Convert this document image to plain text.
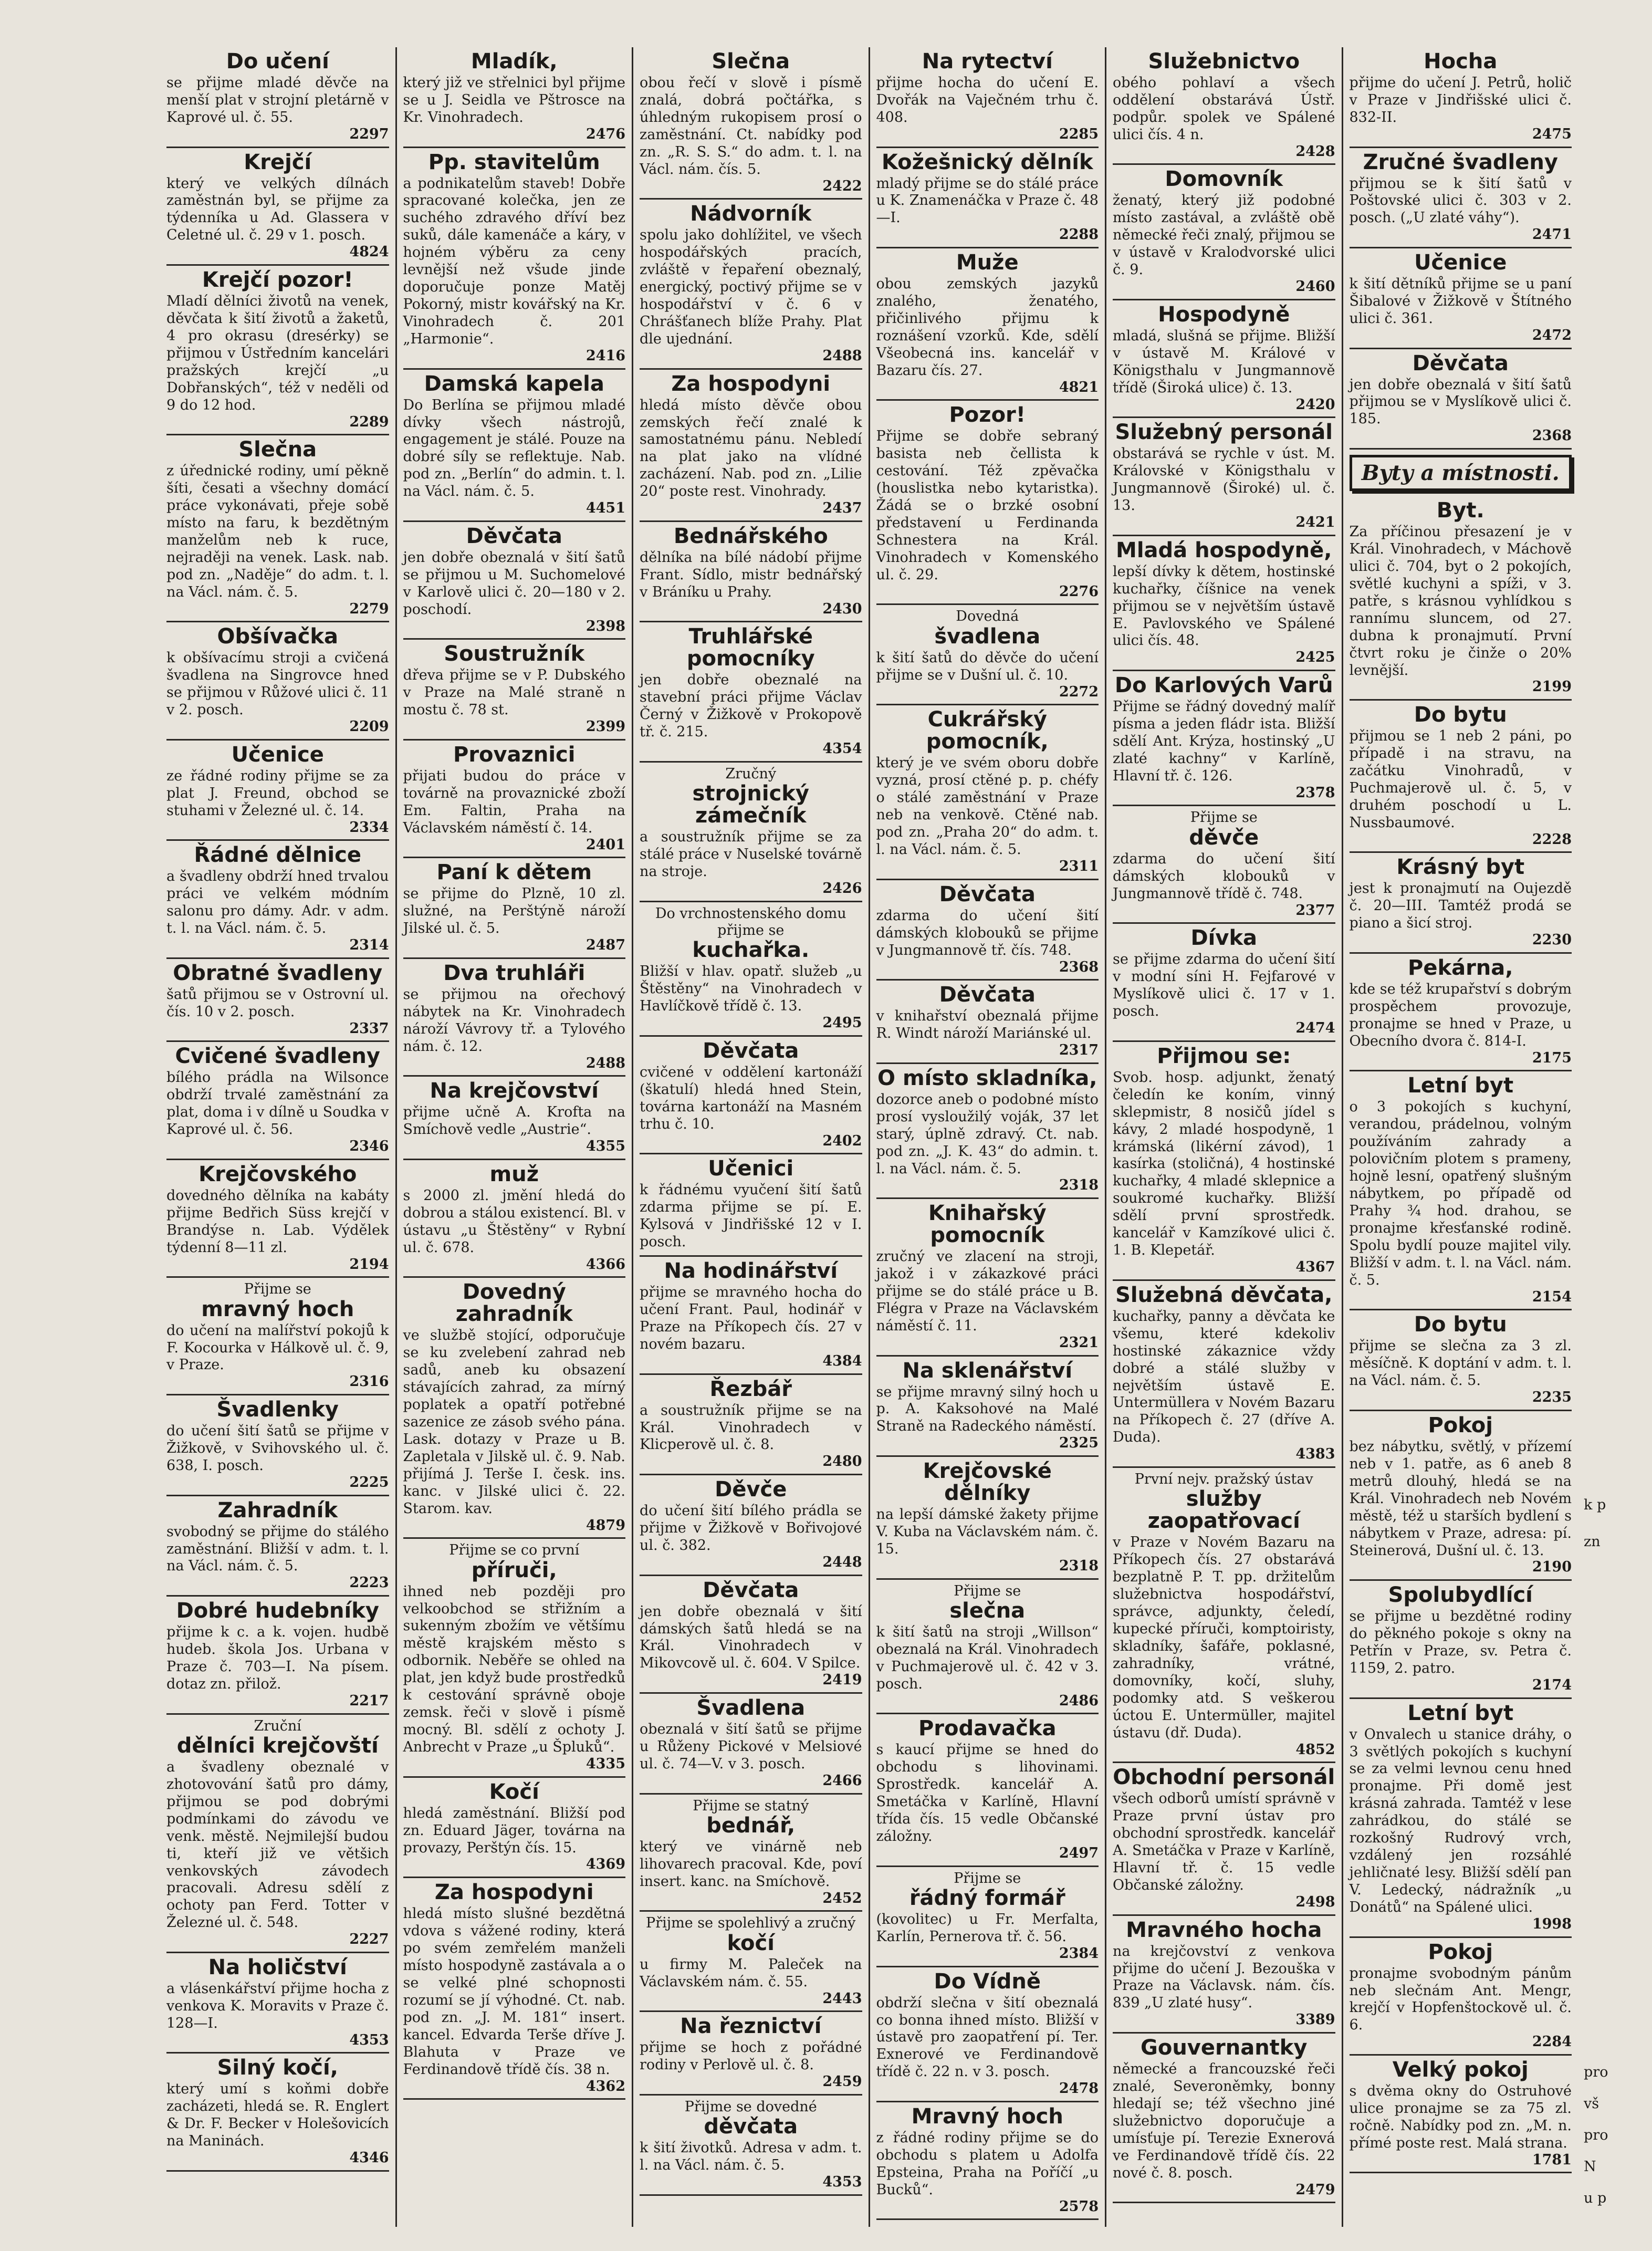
Do učení
se přijme mladé děvče na menší plat v strojní pletárně v Kaprové ul. č. 55.
2297
Krejčí
který ve velkých dílnách zaměstnán byl, se přijme za týdenníka u Ad. Glassera v Celetné ul. č. 29 v 1. posch.
4824
Krejčí pozor!
Mladí dělníci životů na venek, děvčata k šití životů a žaketů, 4 pro okrasu (dresérky) se přijmou v Ústředním kancelári pražských krejčí „u Dobřanských“, též v neděli od 9 do 12 hod.
2289
Slečna
z úřednické rodiny, umí pěkně šíti, česati a všechny domácí práce vykonávati, přeje sobě místo na faru, k bezdětným manželům neb k ruce, nejraději na venek. Lask. nab. pod zn. „Naděje“ do adm. t. l. na Václ. nám. č. 5.
2279
Obšívačka
k obšívacímu stroji a cvičená švadlena na Singrovce hned se přijmou v Růžové ulici č. 11 v 2. posch.
2209
Učenice
ze řádné rodiny přijme se za plat J. Freund, obchod se stuhami v Železné ul. č. 14.
2334
Řádné dělnice
a švadleny obdrží hned trvalou práci ve velkém módním salonu pro dámy. Adr. v adm. t. l. na Václ. nám. č. 5.
2314
Obratné švadleny
šatů přijmou se v Ostrovní ul. čís. 10 v 2. posch.
2337
Cvičené švadleny
bílého prádla na Wilsonce obdrží trvalé zaměstnání za plat, doma i v dílně u Soudka v Kaprové ul. č. 56.
2346
Krejčovského
dovedného dělníka na kabáty přijme Bedřich Süss krejčí v Brandýse n. Lab. Výdělek týdenní 8—11 zl.
2194
Přijme se
mravný hoch
do učení na malířství pokojů k F. Kocourka v Hálkově ul. č. 9, v Praze.
2316
Švadlenky
do učení šití šatů se přijme v Žižkově, v Svihovského ul. č. 638, I. posch.
2225
Zahradník
svobodný se přijme do stálého zaměstnání. Bližší v adm. t. l. na Václ. nám. č. 5.
2223
Dobré hudebníky
přijme k c. a k. vojen. hudbě hudeb. škola Jos. Urbana v Praze č. 703—I. Na písem. dotaz zn. přilož.
2217
Zruční
dělníci krejčovští
a švadleny obeznalé v zhotovování šatů pro dámy, přijmou se pod dobrými podmínkami do závodu ve venk. městě. Nejmilejší budou ti, kteří již ve většich venkovských závodech pracovali. Adresu sdělí z ochoty pan Ferd. Totter v Železné ul. č. 548.
2227
Na holičství
a vlásenkářství přijme hocha z venkova K. Moravits v Praze č. 128—I.
4353
Silný kočí,
který umí s koňmi dobře zacházeti, hledá se. R. Englert & Dr. F. Becker v Holešovicích na Maninách.
4346
Mladík,
který již ve střelnici byl přijme se u J. Seidla ve Pštrosce na Kr. Vinohradech.
2476
Pp. stavitelům
a podnikatelům staveb! Dobře spracované kolečka, jen ze suchého zdravého dříví bez suků, dále kamenáče a káry, v hojném výběru za ceny levnější než všude jinde doporučuje ponze Matěj Pokorný, mistr kovářský na Kr. Vinohradech č. 201 „Harmonie“.
2416
Damská kapela
Do Berlína se přijmou mladé dívky všech nástrojů, engagement je stálé. Pouze na dobré síly se reflektuje. Nab. pod zn. „Berlín“ do admin. t. l. na Václ. nám. č. 5.
4451
Děvčata
jen dobře obeznalá v šití šatů se přijmou u M. Suchomelové v Karlově ulici č. 20—180 v 2. poschodí.
2398
Soustružník
dřeva přijme se v P. Dubského v Praze na Malé straně n mostu č. 78 st.
2399
Provaznici
přijati budou do práce v továrně na provaznické zboží Em. Faltin, Praha na Václavském náměstí č. 14.
2401
Paní k dětem
se přijme do Plzně, 10 zl. služné, na Perštýně nároží Jilské ul. č. 5.
2487
Dva truhláři
se přijmou na ořechový nábytek na Kr. Vinohradech nároží Vávrovy tř. a Tylového nám. č. 12.
2488
Na krejčovství
přijme učně A. Krofta na Smíchově vedle „Austrie“.
4355
muž
s 2000 zl. jmění hledá do dobrou a stálou existencí. Bl. v ústavu „u Štěstěny“ v Rybní ul. č. 678.
4366
Dovedný zahradník
ve službě stojící, odporučuje se ku zvelebení zahrad neb sadů, aneb ku obsazení stávajících zahrad, za mírný poplatek a opatří potřebné sazenice ze zásob svého pána. Lask. dotazy v Praze u B. Zapletala v Jilskě ul. č. 9. Nab. přijímá J. Terše I. česk. ins. kanc. v Jilské ulici č. 22. Starom. kav.
4879
Přijme se co první
příruči,
ihned neb později pro velkoobchod se střižním a sukenným zbožím ve většímu městě krajském město s odbornik. Neběře se ohled na plat, jen když bude prostředků k cestování správně oboje zemsk. řeči v slově i písmě mocný. Bl. sdělí z ochoty J. Anbrecht v Praze „u Špluků“.
4335
Kočí
hledá zaměstnání. Bližší pod zn. Eduard Jäger, továrna na provazy, Perštýn čís. 15.
4369
Za hospodyni
hledá místo slušné bezdětná vdova s vážené rodiny, která po svém zemřelém manželi místo hospodyně zastávala a o se velké plné schopnosti rozumí se jí výhodné. Ct. nab. pod zn. „J. M. 181“ insert. kancel. Edvarda Terše dříve J. Blahuta v Praze ve Ferdinandově třídě čís. 38 n.
4362
Slečna
obou řečí v slově i písmě znalá, dobrá počtářka, s úhledným rukopisem prosí o zaměstnání. Ct. nabídky pod zn. „R. S. S.“ do adm. t. l. na Václ. nám. čís. 5.
2422
Nádvorník
spolu jako dohlížitel, ve všech hospodářských pracích, zvláště v řepaření obeznalý, energický, poctivý přijme se v hospodářství v č. 6 v Chrášťanech blíže Prahy. Plat dle ujednání.
2488
Za hospodyni
hledá místo děvče obou zemských řečí znalé k samostatnému pánu. Nebledí na plat jako na vlídné zacházení. Nab. pod zn. „Lilie 20“ poste rest. Vinohrady.
2437
Bednářského
dělníka na bílé nádobí přijme Frant. Sídlo, mistr bednářský v Bráníku u Prahy.
2430
Truhlářské pomocníky
jen dobře obeznalé na stavební práci přijme Václav Černý v Žižkově v Prokopově tř. č. 215.
4354
Zručný
strojnický zámečník
a soustružník přijme se za stálé práce v Nuselské továrně na stroje.
2426
Do vrchnostenského domu přijme se
kuchařka.
Bližší v hlav. opatř. služeb „u Štěstěny“ na Vinohradech v Havlíčkově třídě č. 13.
2495
Děvčata
cvičené v oddělení kartonáží (škatulí) hledá hned Stein, továrna kartonáží na Masném trhu č. 10.
2402
Učenici
k řádnému vyučení šití šatů zdarma přijme se pí. E. Kylsová v Jindřišské 12 v I. posch.
Na hodinářství
přijme se mravného hocha do učení Frant. Paul, hodinář v Praze na Příkopech čís. 27 v novém bazaru.
4384
Řezbář
a soustružník přijme se na Král. Vinohradech v Klicperově ul. č. 8.
2480
Děvče
do učení šití bílého prádla se přijme v Žižkově v Bořivojové ul. č. 382.
2448
Děvčata
jen dobře obeznalá v šití dámských šatů hledá se na Král. Vinohradech v Mikovcově ul. č. 604. V Spilce.
2419
Švadlena
obeznalá v šití šatů se přijme u Růženy Pickové v Melsiové ul. č. 74—V. v 3. posch.
2466
Přijme se statný
bednář,
který ve vinárně neb lihovarech pracoval. Kde, poví insert. kanc. na Smíchově.
2452
Přijme se spolehlivý a zručný
kočí
u firmy M. Paleček na Václavském nám. č. 55.
2443
Na řeznictví
přijme se hoch z pořádné rodiny v Perlově ul. č. 8.
2459
Přijme se dovedné
děvčata
k šití životků. Adresa v adm. t. l. na Václ. nám. č. 5.
4353
Na rytectví
přijme hocha do učení E. Dvořák na Vaječném trhu č. 408.
2285
Kožešnický dělník
mladý přijme se do stálé práce u K. Znamenáčka v Praze č. 48—I.
2288
Muže
obou zemských jazyků znalého, ženatého, přičinlivého přijmu k roznášení vzorků. Kde, sdělí Všeobecná ins. kancelář v Bazaru čís. 27.
4821
Pozor!
Přijme se dobře sebraný basista neb čellista k cestování. Též zpěvačka (houslistka nebo kytaristka). Žádá se o brzké osobní představení u Ferdinanda Schnestera na Král. Vinohradech v Komenského ul. č. 29.
2276
Dovedná
švadlena
k šití šatů do děvče do učení přijme se v Dušní ul. č. 10.
2272
Cukrářský pomocník,
který je ve svém oboru dobře vyzná, prosí ctěné p. p. chéfy o stálé zaměstnání v Praze neb na venkově. Ctěné nab. pod zn. „Praha 20“ do adm. t. l. na Václ. nám. č. 5.
2311
Děvčata
zdarma do učení šití dámských klobouků se přijme v Jungmannově tř. čís. 748.
2368
Děvčata
v knihařství obeznalá přijme R. Windt nároží Mariánské ul.
2317
O místo skladníka,
dozorce aneb o podobné místo prosí vysloužilý voják, 37 let starý, úplně zdravý. Ct. nab. pod zn. „J. K. 43“ do admin. t. l. na Václ. nám. č. 5.
2318
Knihařský pomocník
zručný ve zlacení na stroji, jakož i v zákazkové práci přijme se do stálé práce u B. Flégra v Praze na Václavském náměstí č. 11.
2321
Na sklenářství
se přijme mravný silný hoch u p. A. Kaksohové na Malé Straně na Radeckého náměstí.
2325
Krejčovské dělníky
na lepší dámské žakety přijme V. Kuba na Václavském nám. č. 15.
2318
Přijme se
slečna
k šití šatů na stroji „Willson“ obeznalá na Král. Vinohradech v Puchmajerově ul. č. 42 v 3. posch.
2486
Prodavačka
s kaucí přijme se hned do obchodu s lihovinami. Sprostředk. kancelář A. Smetáčka v Karlíně, Hlavní třída čís. 15 vedle Občanské záložny.
2497
Přijme se
řádný formář
(kovolitec) u Fr. Merfalta, Karlín, Pernerova tř. č. 56.
2384
Do Vídně
obdrží slečna v šití obeznalá co bonna ihned místo. Bližší v ústavě pro zaopatření pí. Ter. Exnerové ve Ferdinandově třídě č. 22 n. v 3. posch.
2478
Mravný hoch
z řádné rodiny přijme se do obchodu s platem u Adolfa Epsteina, Praha na Poříčí „u Bucků“.
2578
Služebnictvo
obého pohlaví a všech oddělení obstarává Ústř. podpůr. spolek ve Spálené ulici čís. 4 n.
2428
Domovník
ženatý, který již podobné místo zastával, a zvláště obě německé řeči znalý, přijmou se v ústavě v Kralodvorské ulici č. 9.
2460
Hospodyně
mladá, slušná se přijme. Bližší v ústavě M. Králové v Königsthalu v Jungmannově třídě (Široká ulice) č. 13.
2420
Služebný personál
obstarává se rychle v úst. M. Královské v Königsthalu v Jungmannově (Široké) ul. č. 13.
2421
Mladá hospodyně,
lepší dívky k dětem, hostinské kuchařky, číšnice na venek přijmou se v největším ústavě E. Pavlovského ve Spálené ulici čís. 48.
2425
Do Karlových Varů
Přijme se řádný dovedný malíř písma a jeden fládr ista. Bližší sdělí Ant. Krýza, hostinský „U zlaté kachny“ v Karlíně, Hlavní tř. č. 126.
2378
Přijme se
děvče
zdarma do učení šití dámských klobouků v Jungmannově třídě č. 748.
2377
Dívka
se přijme zdarma do učení šití v modní síni H. Fejfarové v Myslíkově ulici č. 17 v 1. posch.
2474
Přijmou se:
Svob. hosp. adjunkt, ženatý čeledín ke koním, vinný sklepmistr, 8 nosičů jídel s kávy, 2 mladé hospodyně, 1 krámská (likérní závod), 1 kasírka (stoličná), 4 hostinské kuchařky, 4 mladé sklepnice a soukromé kuchařky. Bližší sdělí první sprostředk. kancelář v Kamzíkové ulici č. 1. B. Klepetář.
4367
Služebná děvčata,
kuchařky, panny a děvčata ke všemu, které kdekoliv hostinské zákaznice vždy dobré a stálé služby v největším ústavě E. Untermüllera v Novém Bazaru na Příkopech č. 27 (dříve A. Duda).
4383
První nejv. pražský ústav
služby zaopatřovací
v Praze v Novém Bazaru na Příkopech čís. 27 obstarává bezplatně P. T. pp. držitelům služebnictva hospodářství, správce, adjunkty, čeledí, kupecké příruči, komptoiristy, skladníky, šafáře, poklasné, zahradníky, vrátné, domovníky, kočí, sluhy, podomky atd. S veškerou úctou E. Untermüller, majitel ústavu (dř. Duda).
4852
Obchodní personál
všech odborů umístí správně v Praze první ústav pro obchodní sprostředk. kancelář A. Smetáčka v Praze v Karlíně, Hlavní tř. č. 15 vedle Občanské záložny.
2498
Mravného hocha
na krejčovství z venkova přijme do učení J. Bezouška v Praze na Václavsk. nám. čís. 839 „U zlaté husy“.
3389
Gouvernantky
německé a francouzské řeči znalé, Severoněmky, bonny hledají se; též všechno jiné služebnictvo doporučuje a umísťuje pí. Terezie Exnerová ve Ferdinandově třídě čís. 22 nové č. 8. posch.
2479
Hocha
přijme do učení J. Petrů, holič v Praze v Jindřišské ulici č. 832-II.
2475
Zručné švadleny
přijmou se k šití šatů v Poštovské ulici č. 303 v 2. posch. („U zlaté váhy“).
2471
Učenice
k šití dětníků přijme se u paní Šibalové v Žižkově v Štítného ulici č. 361.
2472
Děvčata
jen dobře obeznalá v šití šatů přijmou se v Myslíkově ulici č. 185.
2368
Byty a místnosti.
Byt.
Za příčinou přesazení je v Král. Vinohradech, v Máchově ulici č. 704, byt o 2 pokojích, světlé kuchyni a spíži, v 3. patře, s krásnou vyhlídkou s rannímu sluncem, od 27. dubna k pronajmutí. První čtvrt roku je činže o 20% levnější.
2199
Do bytu
přijmou se 1 neb 2 páni, po případě i na stravu, na začátku Vinohradů, v Puchmajerově ul. č. 5, v druhém poschodí u L. Nussbaumové.
2228
Krásný byt
jest k pronajmutí na Oujezdě č. 20—III. Tamtéž prodá se piano a šicí stroj.
2230
Pekárna,
kde se též krupařství s dobrým prospěchem provozuje, pronajme se hned v Praze, u Obecního dvora č. 814-I.
2175
Letní byt
o 3 pokojích s kuchyní, verandou, prádelnou, volným používáním zahrady a polovičním plotem s prameny, hojně lesní, opatřený slušným nábytkem, po případě od Prahy ¾ hod. drahou, se pronajme křesťanské rodině. Spolu bydlí pouze majitel vily. Bližší v adm. t. l. na Václ. nám. č. 5.
2154
Do bytu
přijme se slečna za 3 zl. měsíčně. K doptání v adm. t. l. na Václ. nám. č. 5.
2235
Pokoj
bez nábytku, světlý, v přízemí neb v 1. patře, as 6 aneb 8 metrů dlouhý, hledá se na Král. Vinohradech neb Novém městě, též u starších bydlení s nábytkem v Praze, adresa: pí. Steinerová, Dušní ul. č. 13.
2190
Spolubydlící
se přijme u bezdětné rodiny do pěkného pokoje s okny na Petřín v Praze, sv. Petra č. 1159, 2. patro.
2174
Letní byt
v Onvalech u stanice dráhy, o 3 světlých pokojích s kuchyní se za velmi levnou cenu hned pronajme. Při domě jest krásná zahrada. Tamtéž v lese zahrádkou, do stálé se rozkošný Rudrový vrch, vzdálený jen rozsáhlé jehličnaté lesy. Bližší sdělí pan V. Ledecký, nádražník „u Donátů“ na Spálené ulici.
1998
Pokoj
pronajme svobodným pánům neb slečnám Ant. Mengr, krejčí v Hopfenštockově ul. č. 6.
2284
Velký pokoj
s dvěma okny do Ostruhové ulice pronajme se za 75 zl. ročně. Nabídky pod zn. „M. n. přímé poste rest. Malá strana.
1781
k p
zn
pro
vš
pro
N
u p
